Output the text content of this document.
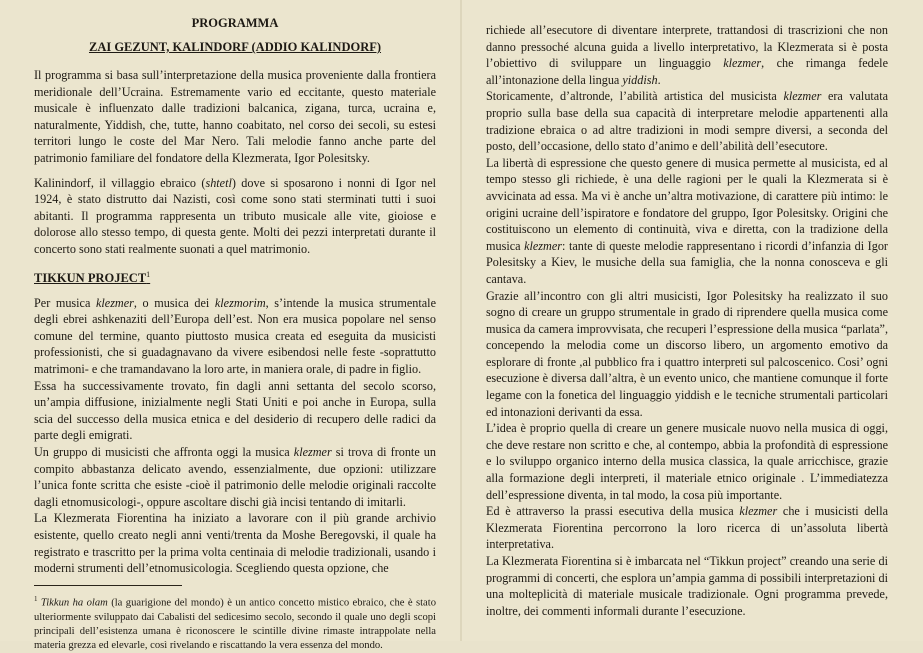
PROGRAMMA

ZAI GEZUNT, KALINDORF (ADDIO KALINDORF)

Il programma si basa sull’interpretazione della musica proveniente dalla frontiera meridionale dell’Ucraina. Estremamente vario ed eccitante, questo materiale musicale è influenzato dalle tradizioni balcanica, zigana, turca, ucraina e, naturalmente, Yiddish, che, tutte, hanno coabitato, nel corso dei secoli, su estesi territori lungo le coste del Mar Nero. Tali melodie fanno anche parte del patrimonio familiare del fondatore della Klezmerata, Igor Polesitsky.

Kalinindorf, il villaggio ebraico (shtetl) dove si sposarono i nonni di Igor nel 1924, è stato distrutto dai Nazisti, così come sono stati sterminati tutti i suoi abitanti. Il programma rappresenta un tributo musicale alle vite, gioiose e dolorose allo stesso tempo, di questa gente. Molti dei pezzi interpretati durante il concerto sono stati realmente suonati a quel matrimonio.

TIKKUN PROJECT$^1$

Per musica klezmer, o musica dei klezmorim, s’intende la musica strumentale degli ebrei ashkenaziti dell’Europa dell’est. Non era musica popolare nel senso comune del termine, quanto piuttosto musica creata ed eseguita da musicisti professionisti, che si guadagnavano da vivere esibendosi nelle feste -soprattutto matrimoni- e che tramandavano la loro arte, in maniera orale, di padre in figlio.

Essa ha successivamente trovato, fin dagli anni settanta del secolo scorso, un’ampia diffusione, inizialmente negli Stati Uniti e poi anche in Europa, sulla scia del successo della musica etnica e del desiderio di recupero delle radici da parte degli emigrati.

Un gruppo di musicisti che affronta oggi la musica klezmer si trova di fronte un compito abbastanza delicato avendo, essenzialmente, due opzioni: utilizzare l’unica fonte scritta che esiste -cioè il patrimonio delle melodie originali raccolte dagli etnomusicologi-, oppure ascoltare dischi già incisi tentando di imitarli.

La Klezmerata Fiorentina ha iniziato a lavorare con il più grande archivio esistente, quello creato negli anni venti/trenta da Moshe Beregovski, il quale ha registrato e trascritto per la prima volta centinaia di melodie tradizionali, usando i moderni strumenti dell’etnomusicologia. Scegliendo questa opzione, che

$^1$ Tikkun ha olam (la guarigione del mondo) è un antico concetto mistico ebraico, che è stato ulteriormente sviluppato dai Cabalisti del sedicesimo secolo, secondo il quale uno degli scopi principali dell’esistenza umana è riconoscere le scintille divine rimaste intrappolate nella materia grezza ed elevarle, così rivelando e riscattando la vera essenza del mondo.

richiede all’esecutore di diventare interprete, trattandosi di trascrizioni che non danno pressoché alcuna guida a livello interpretativo, la Klezmerata si è posta l’obiettivo di sviluppare un linguaggio klezmer, che rimanga fedele all’intonazione della lingua yiddish.

Storicamente, d’altronde, l’abilità artistica del musicista klezmer era valutata proprio sulla base della sua capacità di interpretare melodie appartenenti alla tradizione ebraica o ad altre tradizioni in modi sempre diversi, a seconda del posto, dell’occasione, dello stato d’animo e dell’abilità dell’esecutore.

La libertà di espressione che questo genere di musica permette al musicista, ed al tempo stesso gli richiede, è una delle ragioni per le quali la Klezmerata si è avvicinata ad essa. Ma vi è anche un’altra motivazione, di carattere più intimo: le origini ucraine dell’ispiratore e fondatore del gruppo, Igor Polesitsky. Origini che costituiscono un elemento di continuità, viva e diretta, con la tradizione della musica klezmer: tante di queste melodie rappresentano i ricordi d’infanzia di Igor Polesitsky a Kiev, le musiche della sua famiglia, che la nonna conosceva e gli cantava.

Grazie all’incontro con gli altri musicisti, Igor Polesitsky ha realizzato il suo sogno di creare un gruppo strumentale in grado di riprendere quella musica come musica da camera improvvisata, che recuperi l’espressione della musica “parlata”, concependo la melodia come un discorso libero, un argomento emotivo da esplorare di fronte ,al pubblico fra i quattro interpreti sul palcoscenico. Cosi’ ogni esecuzione è diversa dall’altra, è un evento unico, che mantiene comunque il forte legame con la fonetica del linguaggio yiddish e le tecniche strumentali particolari ed intonazioni derivanti da essa.

L’idea è proprio quella di creare un genere musicale nuovo nella musica di oggi, che deve restare non scritto e che, al contempo, abbia la profondità di espressione e lo sviluppo organico interno della musica classica, la quale arricchisce, grazie alla formazione degli interpreti, il materiale etnico originale . L’immediatezza dell’espressione diventa, in tal modo, la cosa più importante.

Ed è attraverso la prassi esecutiva della musica klezmer che i musicisti della Klezmerata Fiorentina percorrono la loro ricerca di un’assoluta libertà interpretativa.

La Klezmerata Fiorentina si è imbarcata nel “Tikkun project” creando una serie di programmi di concerti, che esplora un’ampia gamma di possibili interpretazioni di una molteplicità di materiale musicale tradizionale. Ogni programma prevede, inoltre, dei commenti informali durante l’esecuzione.
